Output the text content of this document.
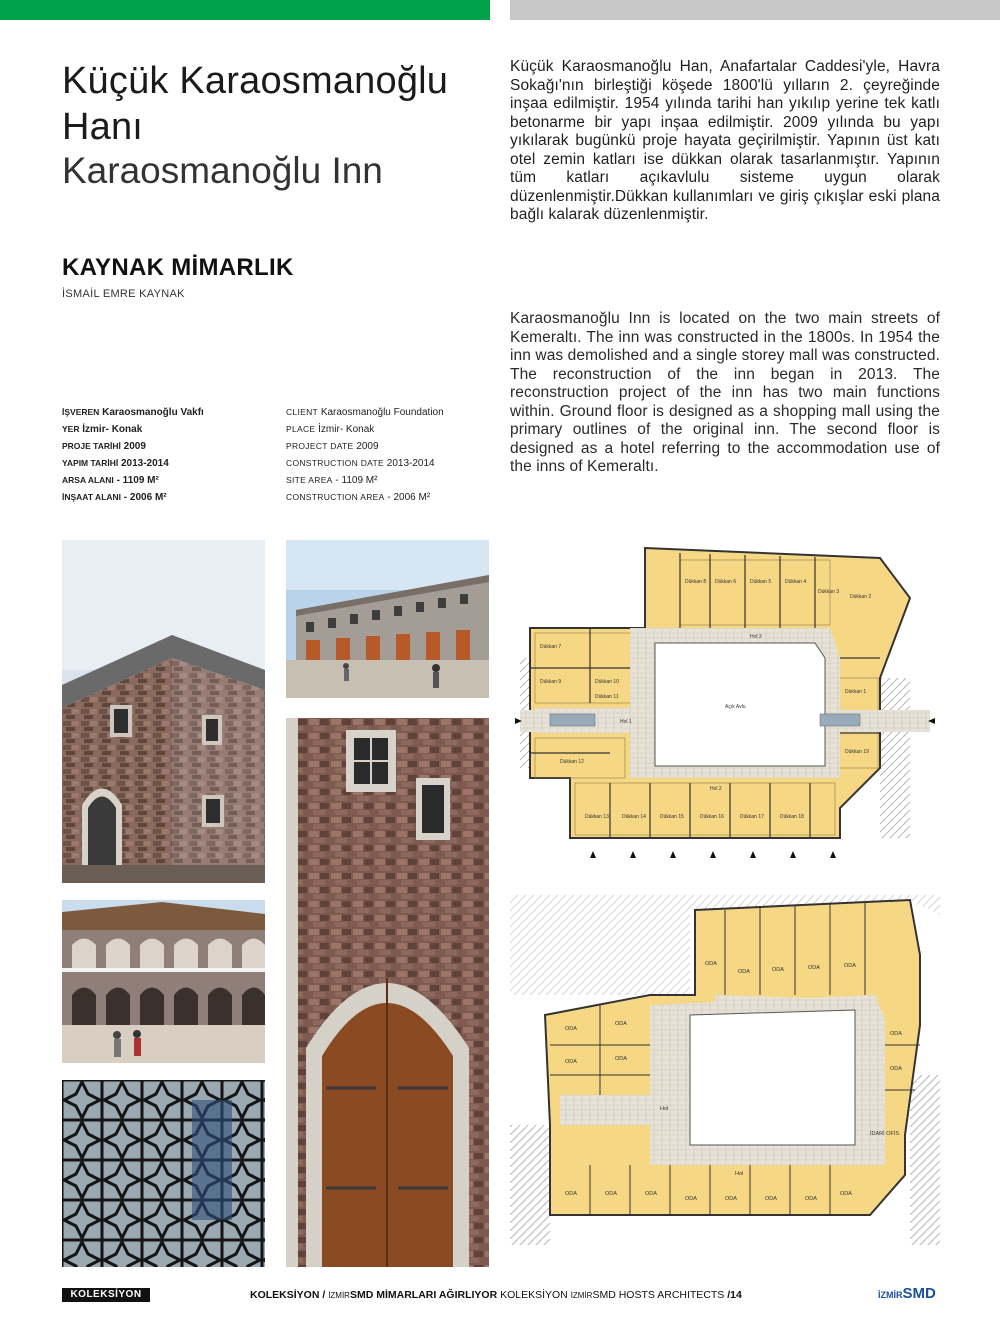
Küçük Karaosmanoğlu
Hanı
Karaosmanoğlu Inn
KAYNAK MİMARLIK
İSMAİL EMRE KAYNAK
İŞVEREN Karaosmanoğlu Vakfı
YER İzmir- Konak
PROJE TARİHİ 2009
YAPIM TARİHİ 2013-2014
ARSA ALANI - 1109 M²
İNŞAAT ALANI - 2006 M²
CLIENT Karaosmanoğlu Foundation
PLACE İzmir- Konak
PROJECT DATE 2009
CONSTRUCTION DATE 2013-2014
SITE AREA - 1109 M²
CONSTRUCTION AREA - 2006 M²

Küçük Karaosmanoğlu Han, Anafartalar Caddesi'yle, Havra Sokağı'nın birleştiği köşede 1800'lü yılların 2. çeyreğinde inşaa edilmiştir. 1954 yılında tarihi han yıkılıp yerine tek katlı betonarme bir yapı inşaa edilmiştir. 2009 yılında bu yapı yıkılarak bugünkü proje hayata geçirilmiştir. Yapının üst katı otel zemin katları ise dükkan olarak tasarlanmıştır. Yapının tüm katları açıkavlulu sisteme uygun olarak düzenlenmiştir.Dükkan kullanımları ve giriş çıkışlar eski plana bağlı kalarak düzenlenmiştir.

Karaosmanoğlu Inn is located on the two main streets of Kemeraltı. The inn was constructed in the 1800s. In 1954 the inn was demolished and a single storey mall was constructed. The reconstruction of the inn began in 2013. The reconstruction project of the inn has two main functions within. Ground floor is designed as a shopping mall using the primary outlines of the original inn. The second floor is designed as a hotel referring to the accommodation use of the inns of Kemeraltı.

Dükkan 8
Dükkan 7
Dükkan 6	Dükkan 5	Dükkan 4
Dükkan 3
Dükkan 2
Dükkan 9	Dükkan 10
Dükkan 11
Dükkan 1
Dükkan 12
Dükkan 13	Dükkan 14	Dükkan 15	Dükkan 16	Dükkan 17	Dükkan 18
Dükkan 19
Açık Avlu
Hol 1
Hol 2
Hol 3
ODA
ODA	ODA	ODA	ODA
ODA
ODA
ODA	ODA
ODA
ODA
ODA	ODA	ODA
ODA	ODA	ODA	ODA
ODA
Hol
Hol
İDARİ OFİS
KOLEKSİYON	KOLEKSİYON / İZMİRSMD MİMARLARI AĞIRLIYOR KOLEKSİYON İZMİRSMD HOSTS ARCHITECTS /14	İZMİRSMD
